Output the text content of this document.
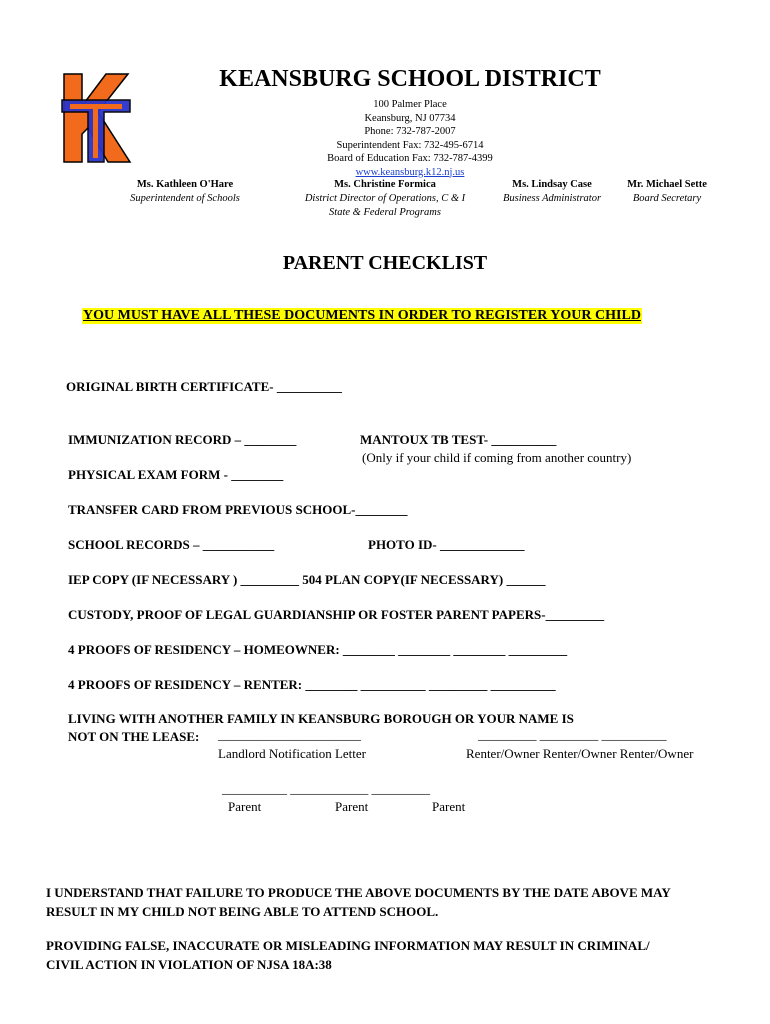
KEANSBURG SCHOOL DISTRICT
100 Palmer Place
Keansburg, NJ 07734
Phone: 732-787-2007
Superintendent Fax: 732-495-6714
Board of Education Fax: 732-787-4399
www.keansburg.k12.nj.us
Ms. Kathleen O'Hare
Superintendent of Schools
Ms. Christine Formica
District Director of Operations, C & I
State & Federal Programs
Ms. Lindsay Case
Business Administrator
Mr. Michael Sette
Board Secretary
PARENT CHECKLIST
YOU MUST HAVE ALL THESE DOCUMENTS IN ORDER TO REGISTER YOUR CHILD
ORIGINAL BIRTH CERTIFICATE- __________
IMMUNIZATION RECORD – ________	MANTOUX TB TEST- __________
(Only if your child if coming from another country)
PHYSICAL EXAM FORM - ________
TRANSFER CARD FROM PREVIOUS SCHOOL-________
SCHOOL RECORDS – ___________	PHOTO ID- _____________
IEP COPY (IF NECESSARY ) _________ 504 PLAN COPY(IF NECESSARY) ______
CUSTODY, PROOF OF LEGAL GUARDIANSHIP OR FOSTER PARENT PAPERS-_________
4 PROOFS OF RESIDENCY – HOMEOWNER: ________ ________ ________ _________
4 PROOFS OF RESIDENCY – RENTER: ________ __________ _________ __________
LIVING WITH ANOTHER FAMILY IN KEANSBURG BOROUGH OR YOUR NAME IS
NOT ON THE LEASE: ______________________
Landlord Notification Letter
_________ _________ __________
Renter/Owner Renter/Owner Renter/Owner
__________ ____________ _________
Parent	Parent	Parent
I UNDERSTAND THAT FAILURE TO PRODUCE THE ABOVE DOCUMENTS BY THE DATE ABOVE MAY
RESULT IN MY CHILD NOT BEING ABLE TO ATTEND SCHOOL.
PROVIDING FALSE, INACCURATE OR MISLEADING INFORMATION MAY RESULT IN CRIMINAL/
CIVIL ACTION IN VIOLATION OF NJSA 18A:38
